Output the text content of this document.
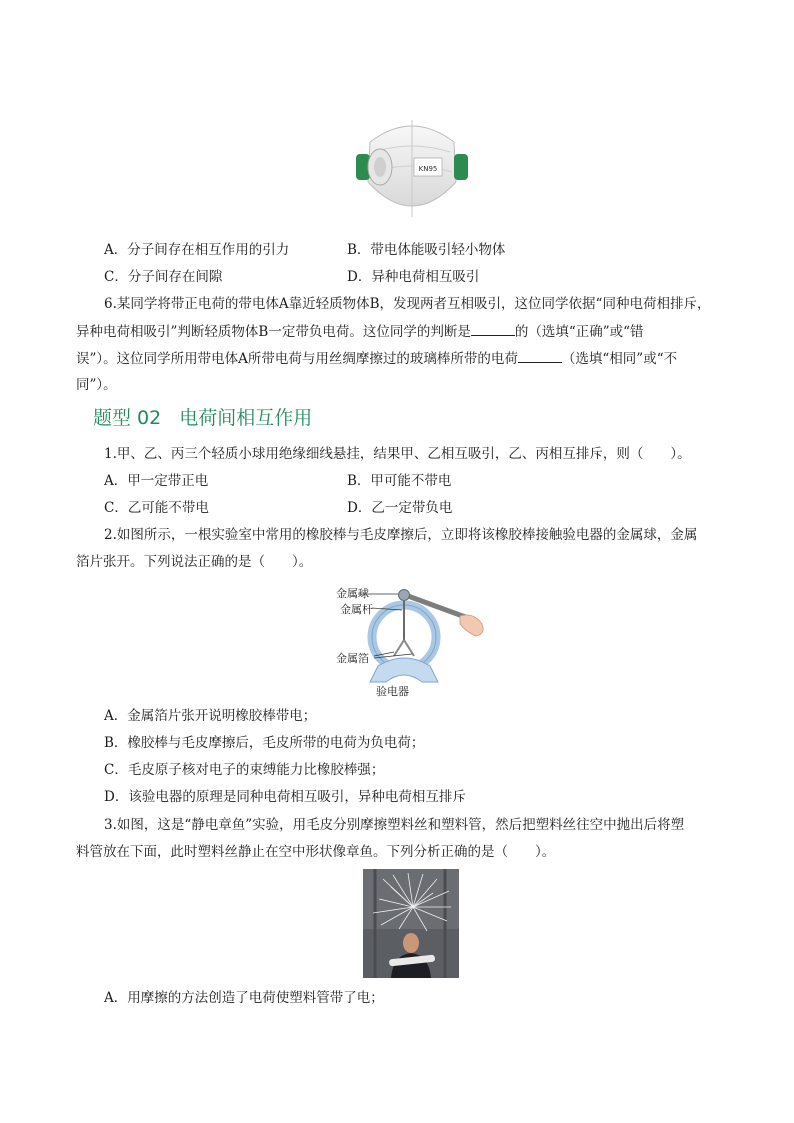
KN95
A．分子间存在相互作用的引力	B．带电体能吸引轻小物体
C．分子间存在间隙	D．异种电荷相互吸引
6.某同学将带正电荷的带电体A靠近轻质物体B，发现两者互相吸引，这位同学依据“同种电荷相排斥，
异种电荷相吸引”判断轻质物体B一定带负电荷。这位同学的判断是	的（选填“正确”或“错
误”）。这位同学所用带电体A所带电荷与用丝绸摩擦过的玻璃棒所带的电荷	（选填“相同”或“不
同”）。
题型 02 电荷间相互作用
1.甲、乙、丙三个轻质小球用绝缘细线悬挂，结果甲、乙相互吸引，乙、丙相互排斥，则（　　）。
A．甲一定带正电	B．甲可能不带电
C．乙可能不带电	D．乙一定带负电
2.如图所示，一根实验室中常用的橡胶棒与毛皮摩擦后，立即将该橡胶棒接触验电器的金属球，金属
箔片张开。下列说法正确的是（　　）。
金属球
金属杆
金属箔
验电器
A．金属箔片张开说明橡胶棒带电；
B．橡胶棒与毛皮摩擦后，毛皮所带的电荷为负电荷；
C．毛皮原子核对电子的束缚能力比橡胶棒强；
D．该验电器的原理是同种电荷相互吸引，异种电荷相互排斥
3.如图，这是“静电章鱼”实验，用毛皮分别摩擦塑料丝和塑料管，然后把塑料丝往空中抛出后将塑
料管放在下面，此时塑料丝静止在空中形状像章鱼。下列分析正确的是（　　）。
A．用摩擦的方法创造了电荷使塑料管带了电；
